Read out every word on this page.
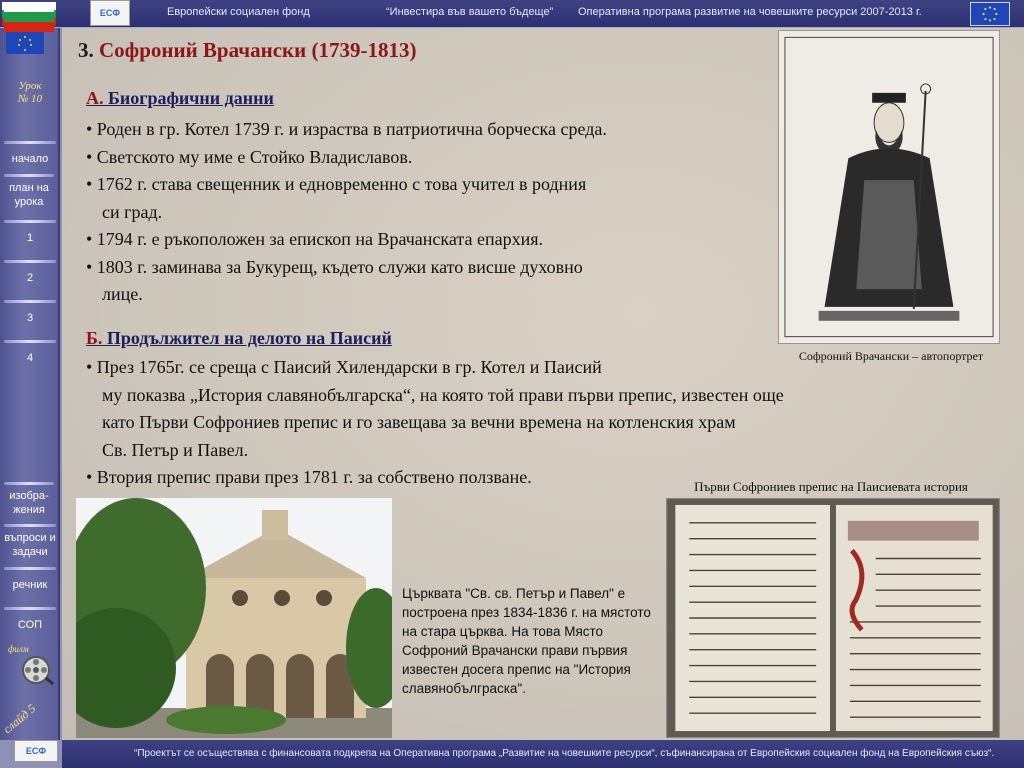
ЕСФ	Европейски социален фонд	“Инвестира във вашето бъдеще” Оперативна програма развитие на човешките ресурси 2007-2013 г.
Урок
№ 10
начало
план на урока
1
2
3
4
изобра-жения
въпроси и задачи
речник
СОП
филм
слайд 5
ЕСФ
3. Софроний Врачански (1739-1813)
А. Биографични данни
• Роден в гр. Котел 1739 г. и израства в патриотична борческа среда.
• Светското му име е Стойко Владиславов.
• 1762 г. става свещенник и едновременно с това учител в родния
си град.
• 1794 г. е ръкоположен за епископ на Врачанската епархия.
• 1803 г. заминава за Букурещ, където служи като висше духовно
лице.
Б. Продължител на делото на Паисий
• През 1765г. се среща с Паисий Хилендарски в гр. Котел и Паисий
му показва „История славянобългарска“, на която той прави първи препис, известен още
като Първи Софрониев препис и го завещава за вечни времена на котленския храм
Св. Петър и Павел.
• Втория препис прави през 1781 г. за собствено ползване.
Софроний Врачански – автопортрет
Църквата "Св. св. Петър и Павел" е построена през 1834-1836 г. на мястото на стара църква. На това Място Софроний Врачански прави първия известен досега препис на "История славянобълграска".
Първи Софрониев препис на Паисиевата история
“Проектът се осъществява с финансовата подкрепа на Оперативна програма „Развитие на човешките ресурси“, съфинансирана от Европейския социален фонд на Европейския съюз“.
